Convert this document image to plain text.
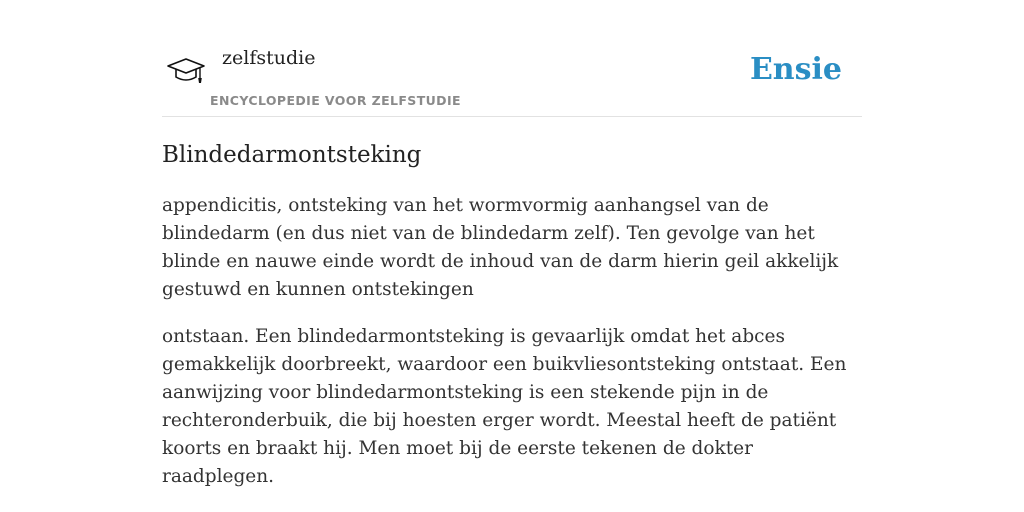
zelfstudie
ENCYCLOPEDIE VOOR ZELFSTUDIE
Ensie
Blindedarmontsteking

appendicitis, ontsteking van het wormvormig aanhangsel van de blindedarm (en dus niet van de blindedarm zelf). Ten gevolge van het blinde en nauwe einde wordt de inhoud van de darm hierin geil akkelijk gestuwd en kunnen ontstekingen

ontstaan. Een blindedarmontsteking is gevaarlijk omdat het abces gemakkelijk doorbreekt, waardoor een buikvliesontsteking ontstaat. Een aanwijzing voor blindedarmontsteking is een stekende pijn in de rechteronderbuik, die bij hoesten erger wordt. Meestal heeft de patiënt koorts en braakt hij. Men moet bij de eerste tekenen de dokter raadplegen.
